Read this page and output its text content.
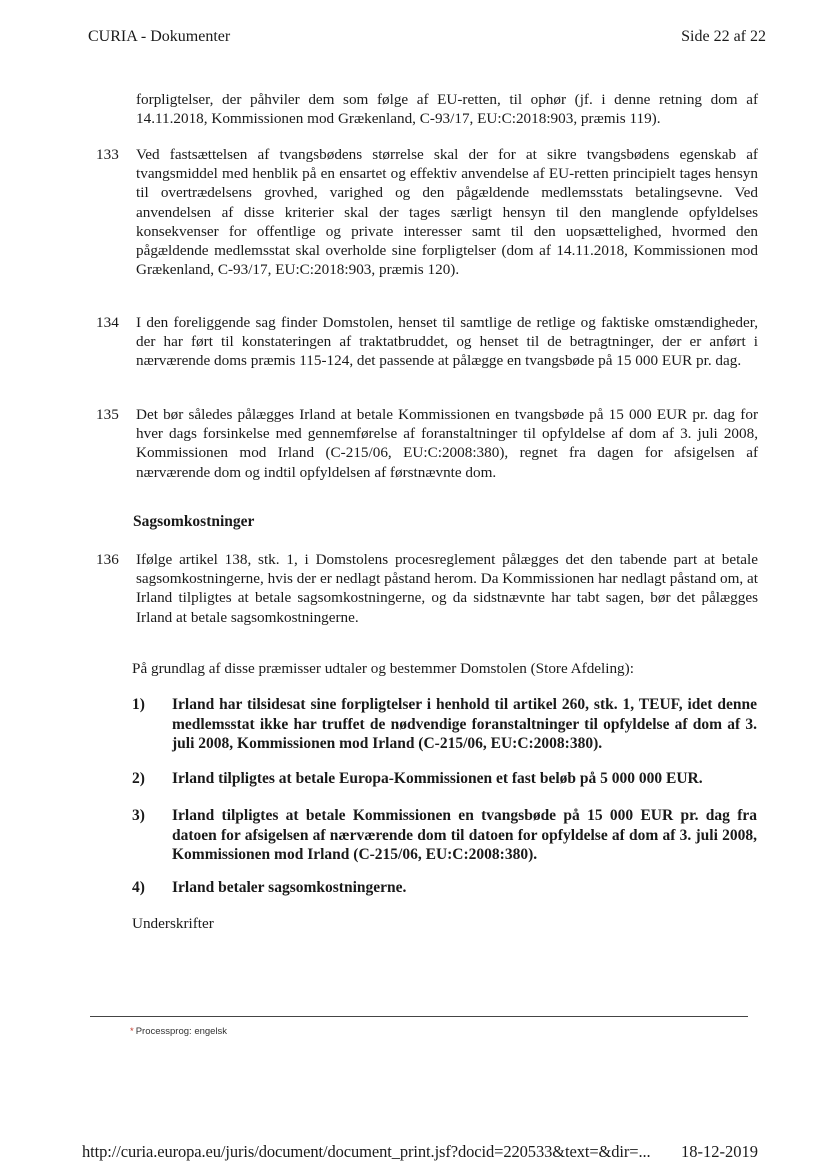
CURIA - Dokumenter	Side 22 af 22
forpligtelser, der påhviler dem som følge af EU-retten, til ophør (jf. i denne retning dom af 14.11.2018, Kommissionen mod Grækenland, C-93/17, EU:C:2018:903, præmis 119).
133 Ved fastsættelsen af tvangsbødens størrelse skal der for at sikre tvangsbødens egenskab af tvangsmiddel med henblik på en ensartet og effektiv anvendelse af EU-retten principielt tages hensyn til overtrædelsens grovhed, varighed og den pågældende medlemsstats betalingsevne. Ved anvendelsen af disse kriterier skal der tages særligt hensyn til den manglende opfyldelses konsekvenser for offentlige og private interesser samt til den uopsættelighed, hvormed den pågældende medlemsstat skal overholde sine forpligtelser (dom af 14.11.2018, Kommissionen mod Grækenland, C-93/17, EU:C:2018:903, præmis 120).
134 I den foreliggende sag finder Domstolen, henset til samtlige de retlige og faktiske omstændigheder, der har ført til konstateringen af traktatbruddet, og henset til de betragtninger, der er anført i nærværende doms præmis 115-124, det passende at pålægge en tvangsbøde på 15 000 EUR pr. dag.
135 Det bør således pålægges Irland at betale Kommissionen en tvangsbøde på 15 000 EUR pr. dag for hver dags forsinkelse med gennemførelse af foranstaltninger til opfyldelse af dom af 3. juli 2008, Kommissionen mod Irland (C-215/06, EU:C:2008:380), regnet fra dagen for afsigelsen af nærværende dom og indtil opfyldelsen af førstnævnte dom.
Sagsomkostninger
136 Ifølge artikel 138, stk. 1, i Domstolens procesreglement pålægges det den tabende part at betale sagsomkostningerne, hvis der er nedlagt påstand herom. Da Kommissionen har nedlagt påstand om, at Irland tilpligtes at betale sagsomkostningerne, og da sidstnævnte har tabt sagen, bør det pålægges Irland at betale sagsomkostningerne.
På grundlag af disse præmisser udtaler og bestemmer Domstolen (Store Afdeling):
1) Irland har tilsidesat sine forpligtelser i henhold til artikel 260, stk. 1, TEUF, idet denne medlemsstat ikke har truffet de nødvendige foranstaltninger til opfyldelse af dom af 3. juli 2008, Kommissionen mod Irland (C-215/06, EU:C:2008:380).
2) Irland tilpligtes at betale Europa-Kommissionen et fast beløb på 5 000 000 EUR.
3) Irland tilpligtes at betale Kommissionen en tvangsbøde på 15 000 EUR pr. dag fra datoen for afsigelsen af nærværende dom til datoen for opfyldelse af dom af 3. juli 2008, Kommissionen mod Irland (C-215/06, EU:C:2008:380).
4) Irland betaler sagsomkostningerne.
Underskrifter
* Processprog: engelsk
http://curia.europa.eu/juris/document/document_print.jsf?docid=220533&text=&dir=... 18-12-2019
